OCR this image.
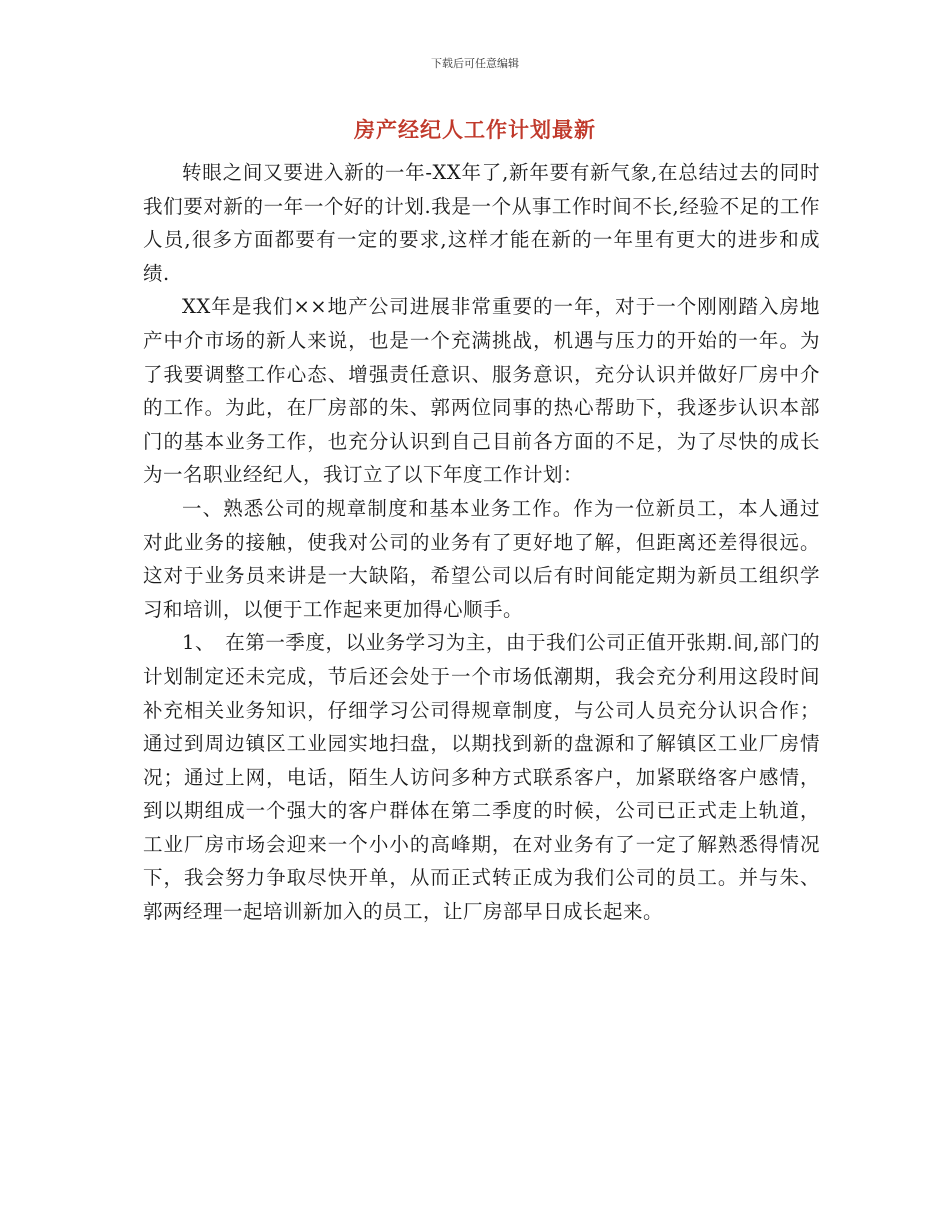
下载后可任意编辑
房产经纪人工作计划最新

转眼之间又要进入新的一年-XX年了,新年要有新气象,在总结过去的同时我们要对新的一年一个好的计划.我是一个从事工作时间不长,经验不足的工作人员,很多方面都要有一定的要求,这样才能在新的一年里有更大的进步和成绩.

XX年是我们××地产公司进展非常重要的一年，对于一个刚刚踏入房地产中介市场的新人来说，也是一个充满挑战，机遇与压力的开始的一年。为了我要调整工作心态、增强责任意识、服务意识，充分认识并做好厂房中介的工作。为此，在厂房部的朱、郭两位同事的热心帮助下，我逐步认识本部门的基本业务工作，也充分认识到自己目前各方面的不足，为了尽快的成长为一名职业经纪人，我订立了以下年度工作计划：

一、熟悉公司的规章制度和基本业务工作。作为一位新员工，本人通过对此业务的接触，使我对公司的业务有了更好地了解，但距离还差得很远。这对于业务员来讲是一大缺陷，希望公司以后有时间能定期为新员工组织学习和培训，以便于工作起来更加得心顺手。

1、　在第一季度，以业务学习为主，由于我们公司正值开张期.间,部门的计划制定还未完成，节后还会处于一个市场低潮期，我会充分利用这段时间补充相关业务知识，仔细学习公司得规章制度，与公司人员充分认识合作；通过到周边镇区工业园实地扫盘，以期找到新的盘源和了解镇区工业厂房情况；通过上网，电话，陌生人访问多种方式联系客户，加紧联络客户感情，到以期组成一个强大的客户群体在第二季度的时候，公司已正式走上轨道，工业厂房市场会迎来一个小小的高峰期，在对业务有了一定了解熟悉得情况下，我会努力争取尽快开单，从而正式转正成为我们公司的员工。并与朱、郭两经理一起培训新加入的员工，让厂房部早日成长起来。
